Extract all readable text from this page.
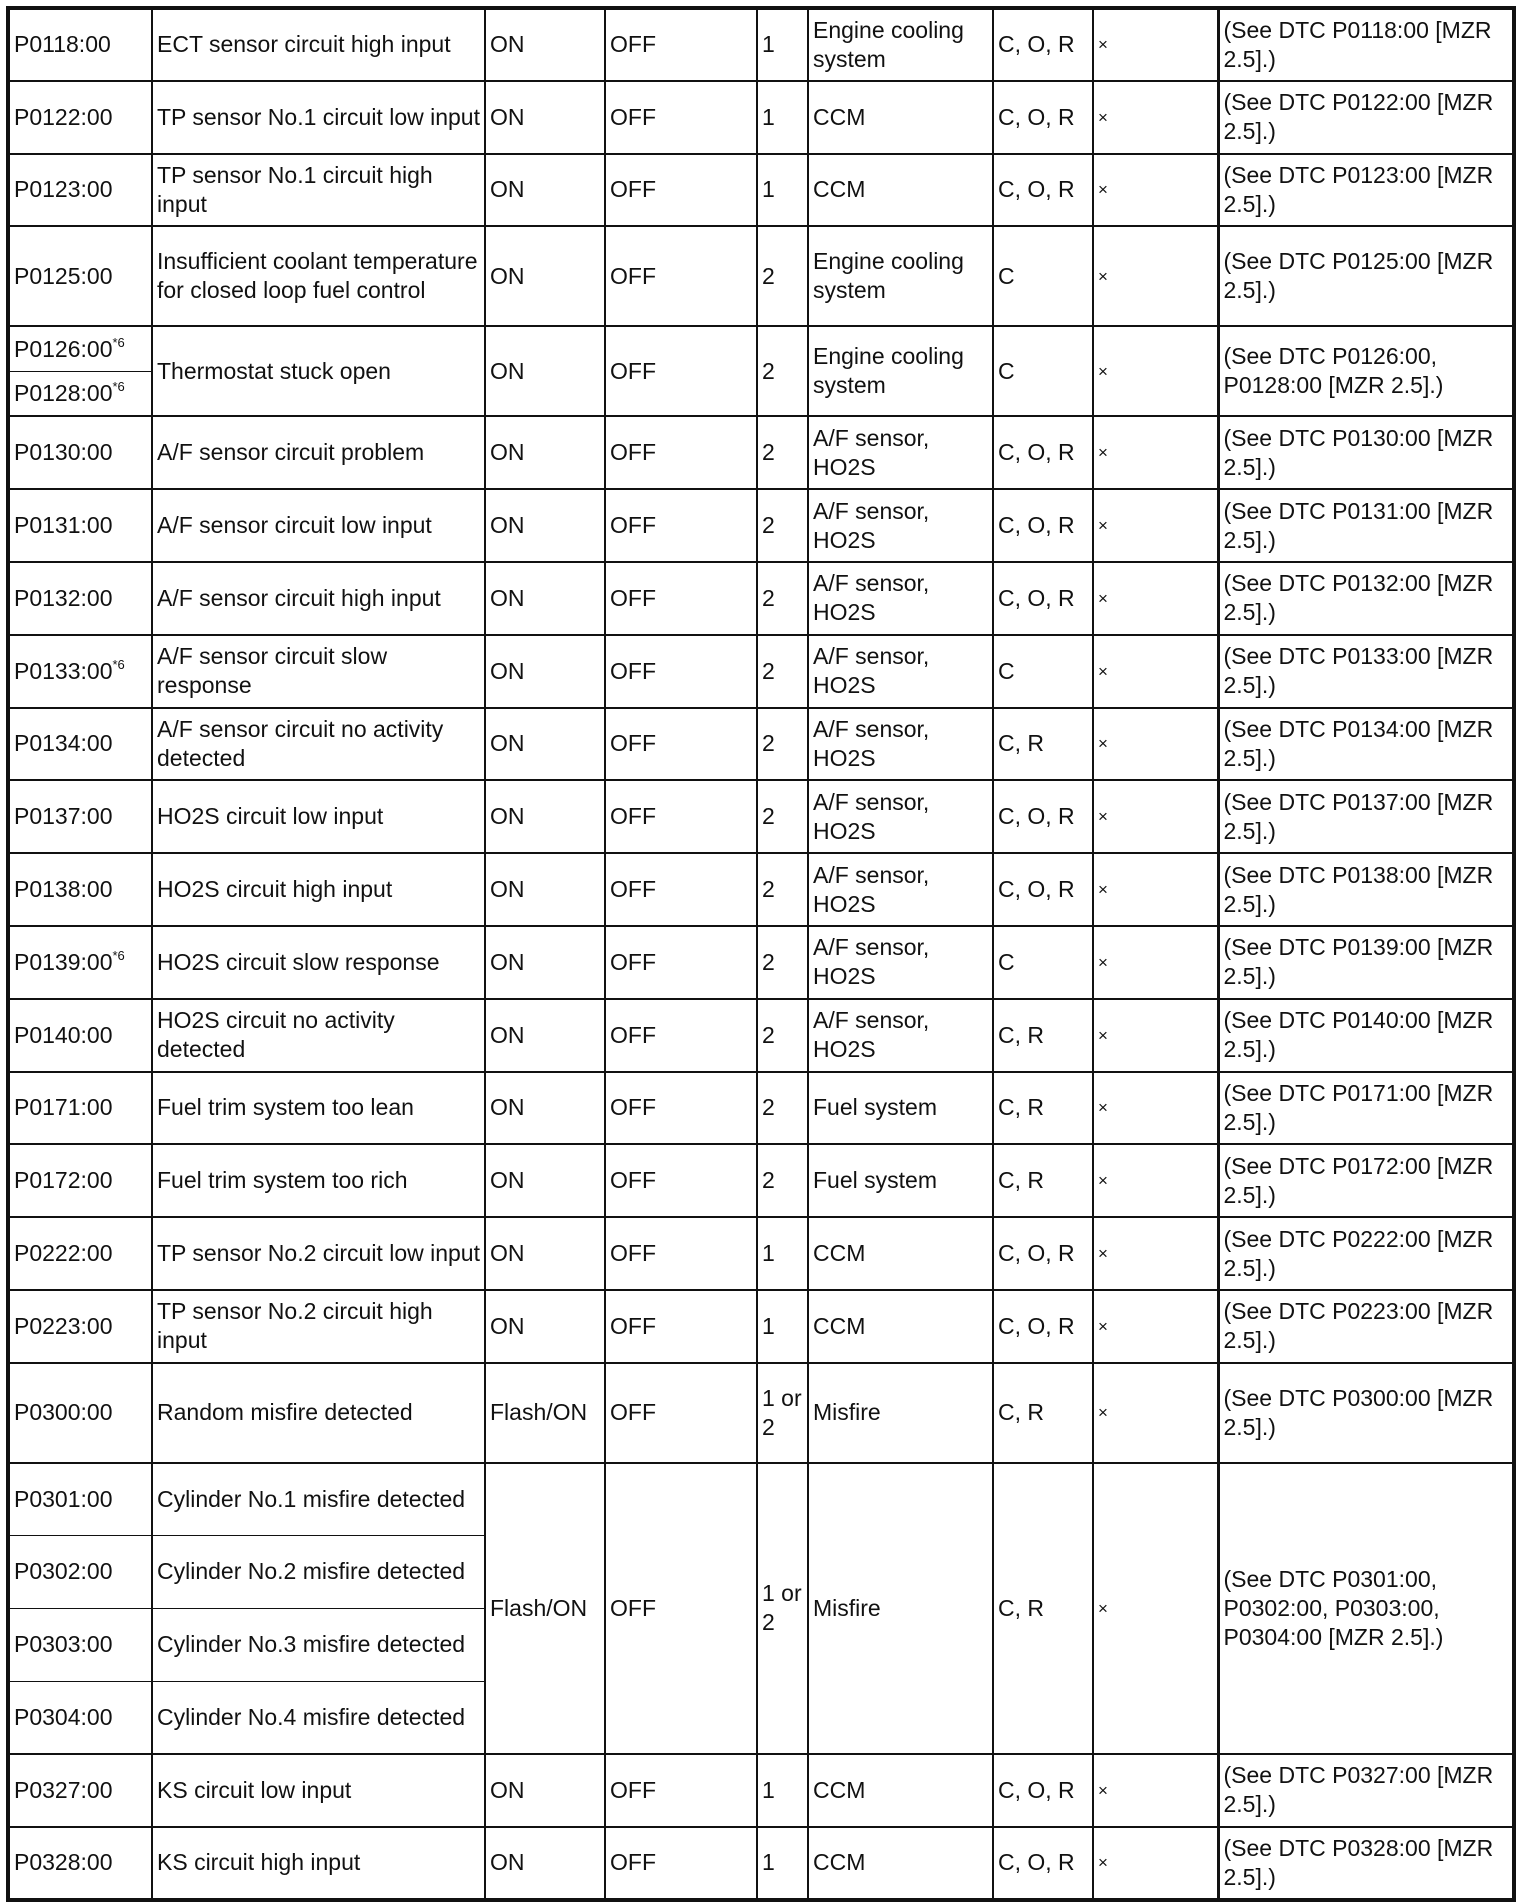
P0118:00	ECT sensor circuit high input	ON	OFF	1	Engine cooling system	C, O, R	×	(See DTC P0118:00 [MZR 2.5].)
P0122:00	TP sensor No.1 circuit low input	ON	OFF	1	CCM	C, O, R	×	(See DTC P0122:00 [MZR 2.5].)
P0123:00	TP sensor No.1 circuit high input	ON	OFF	1	CCM	C, O, R	×	(See DTC P0123:00 [MZR 2.5].)
P0125:00	Insufficient coolant temperature for closed loop fuel control	ON	OFF	2	Engine cooling system	C	×	(See DTC P0125:00 [MZR 2.5].)
P0126:00$^{*6}$	Thermostat stuck open	ON	OFF	2	Engine cooling system	C	×	(See DTC P0126:00, P0128:00 [MZR 2.5].)
P0128:00$^{*6}$
P0130:00	A/F sensor circuit problem	ON	OFF	2	A/F sensor, HO2S	C, O, R	×	(See DTC P0130:00 [MZR 2.5].)
P0131:00	A/F sensor circuit low input	ON	OFF	2	A/F sensor, HO2S	C, O, R	×	(See DTC P0131:00 [MZR 2.5].)
P0132:00	A/F sensor circuit high input	ON	OFF	2	A/F sensor, HO2S	C, O, R	×	(See DTC P0132:00 [MZR 2.5].)
P0133:00$^{*6}$	A/F sensor circuit slow response	ON	OFF	2	A/F sensor, HO2S	C	×	(See DTC P0133:00 [MZR 2.5].)
P0134:00	A/F sensor circuit no activity detected	ON	OFF	2	A/F sensor, HO2S	C, R	×	(See DTC P0134:00 [MZR 2.5].)
P0137:00	HO2S circuit low input	ON	OFF	2	A/F sensor, HO2S	C, O, R	×	(See DTC P0137:00 [MZR 2.5].)
P0138:00	HO2S circuit high input	ON	OFF	2	A/F sensor, HO2S	C, O, R	×	(See DTC P0138:00 [MZR 2.5].)
P0139:00$^{*6}$	HO2S circuit slow response	ON	OFF	2	A/F sensor, HO2S	C	×	(See DTC P0139:00 [MZR 2.5].)
P0140:00	HO2S circuit no activity detected	ON	OFF	2	A/F sensor, HO2S	C, R	×	(See DTC P0140:00 [MZR 2.5].)
P0171:00	Fuel trim system too lean	ON	OFF	2	Fuel system	C, R	×	(See DTC P0171:00 [MZR 2.5].)
P0172:00	Fuel trim system too rich	ON	OFF	2	Fuel system	C, R	×	(See DTC P0172:00 [MZR 2.5].)
P0222:00	TP sensor No.2 circuit low input	ON	OFF	1	CCM	C, O, R	×	(See DTC P0222:00 [MZR 2.5].)
P0223:00	TP sensor No.2 circuit high input	ON	OFF	1	CCM	C, O, R	×	(See DTC P0223:00 [MZR 2.5].)
P0300:00	Random misfire detected	Flash/ON	OFF	1 or 2	Misfire	C, R	×	(See DTC P0300:00 [MZR 2.5].)
P0301:00	Cylinder No.1 misfire detected	Flash/ON	OFF	1 or 2	Misfire	C, R	×	(See DTC P0301:00, P0302:00, P0303:00, P0304:00 [MZR 2.5].)
P0302:00	Cylinder No.2 misfire detected							
P0303:00	Cylinder No.3 misfire detected							
P0304:00	Cylinder No.4 misfire detected							
P0327:00	KS circuit low input	ON	OFF	1	CCM	C, O, R	×	(See DTC P0327:00 [MZR 2.5].)
P0328:00	KS circuit high input	ON	OFF	1	CCM	C, O, R	×	(See DTC P0328:00 [MZR 2.5].)
